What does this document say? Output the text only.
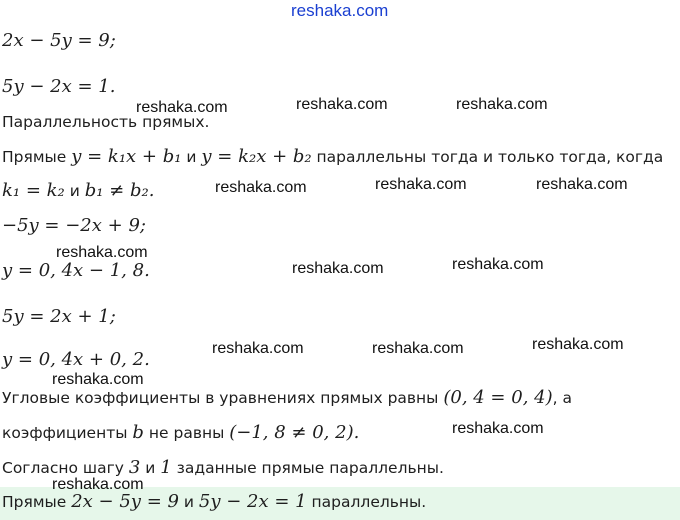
reshaka.com
reshaka.com	reshaka.com	reshaka.com
reshaka.com	reshaka.com	reshaka.com
reshaka.com
reshaka.com	reshaka.com
reshaka.com	reshaka.com	reshaka.com
reshaka.com
reshaka.com
reshaka.com
2x − 5y = 9;
5y − 2x = 1.
Параллельность прямых.
Прямые y = k₁x + b₁ и y = k₂x + b₂ параллельны тогда и только тогда, когда
k₁ = k₂ и b₁ ≠ b₂.
−5y = −2x + 9;
y = 0, 4x − 1, 8.
5y = 2x + 1;
y = 0, 4x + 0, 2.
Угловые коэффициенты в уравнениях прямых равны (0, 4 = 0, 4), а
коэффициенты b не равны (−1, 8 ≠ 0, 2).
Согласно шагу 3 и 1 заданные прямые параллельны.
Прямые 2x − 5y = 9 и 5y − 2x = 1 параллельны.
